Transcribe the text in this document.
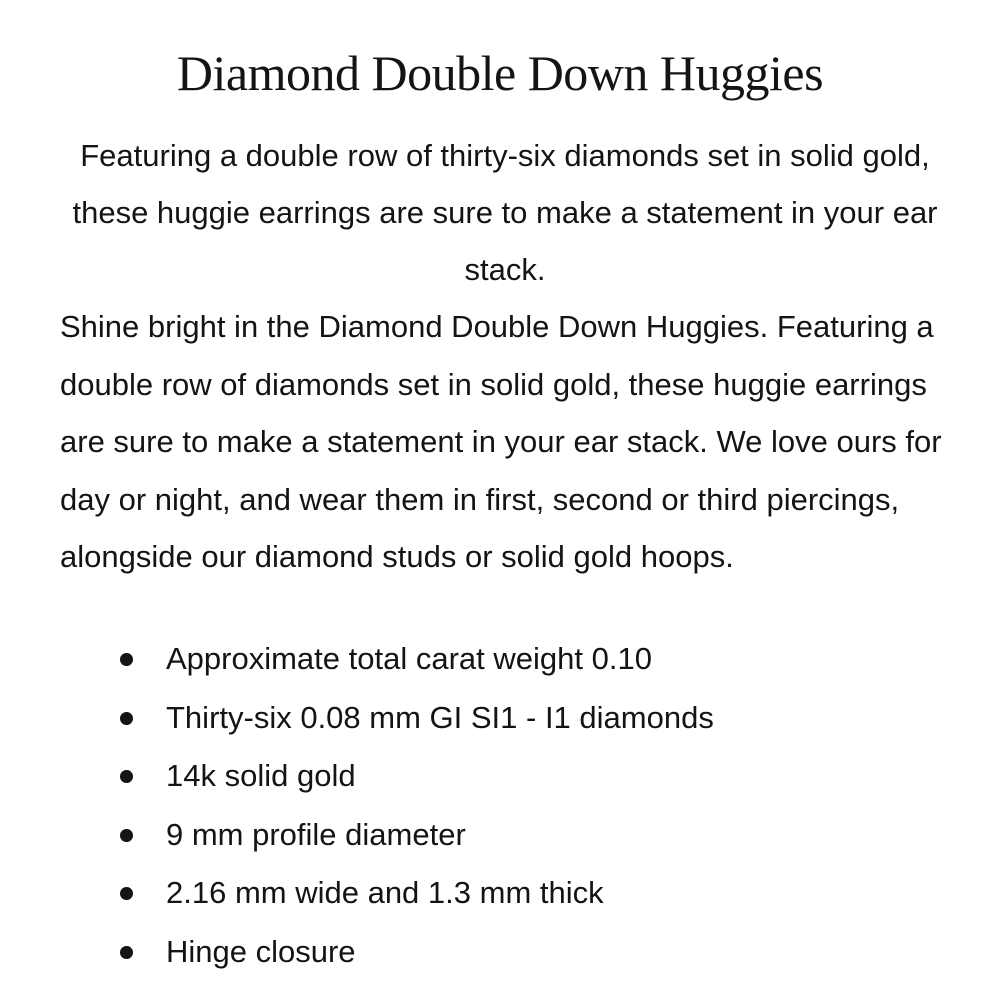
Diamond Double Down Huggies

Featuring a double row of thirty-six diamonds set in solid gold, these huggie earrings are sure to make a statement in your ear stack.

Shine bright in the Diamond Double Down Huggies. Featuring a double row of diamonds set in solid gold, these huggie earrings are sure to make a statement in your ear stack. We love ours for day or night, and wear them in first, second or third piercings, alongside our diamond studs or solid gold hoops.

Approximate total carat weight 0.10
Thirty-six 0.08 mm GI SI1 - I1 diamonds
14k solid gold
9 mm profile diameter
2.16 mm wide and 1.3 mm thick
Hinge closure
